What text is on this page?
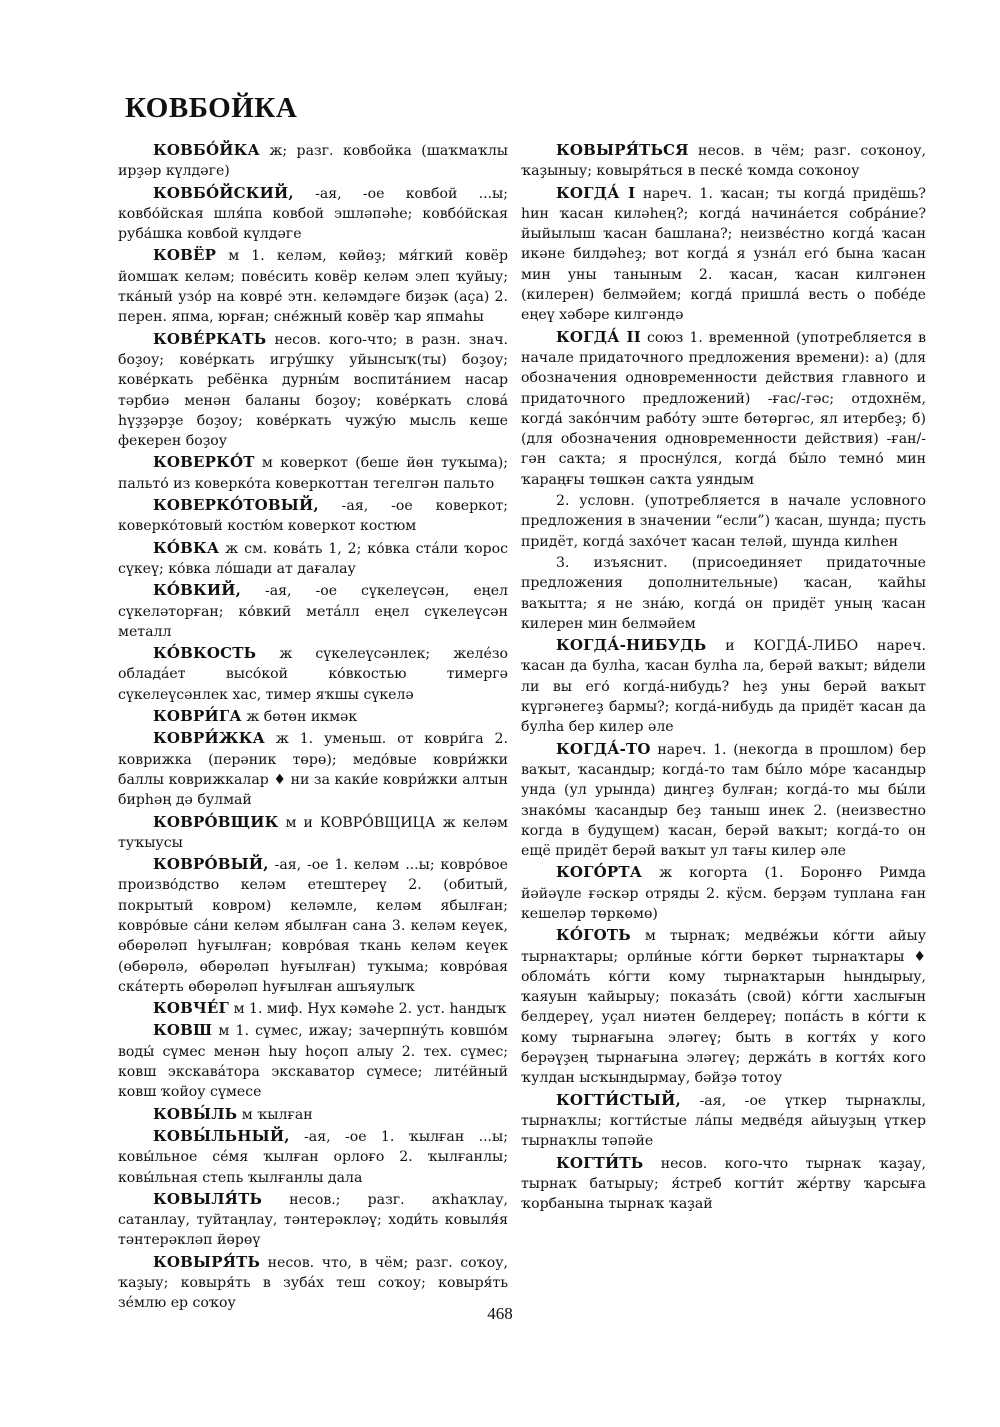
КОВБОЙКА

КОВБО́ЙКА ж; разг. ковбойка (шаҡмаҡлы ирҙәр күлдәге)

КОВБО́ЙСКИЙ, -ая, -ое ковбой ...ы; ковбо́йская шля́па ковбой эшләпәһе; ковбо́йская руба́шка ковбой күлдәге

КОВЁР м 1. келәм, көйөҙ; мя́гкий ковёр йомшаҡ келәм; пове́сить ковёр келәм элеп ҡуйыу; тка́ный узо́р на ковре́ этн. келәмдәге биҙәк (аҫа) 2. перен. япма, юрған; сне́жный ковёр ҡар япмаһы

КОВЕ́РКАТЬ несов. кого-что; в разн. знач. боҙоу; ковéркать игру́шку уйынсыҡ(ты) боҙоу; ковéркать ребёнка дурны́м воспитáнием насар тәрбиә менән баланы боҙоу; ковéркать словá һүҙҙәрҙе боҙоу; ковéркать чужу́ю мысль кеше фекерен боҙоу

КОВЕРКО́Т м коверкот (беше йөн туҡыма); пальто́ из коверко́та коверкоттан тегелгән пальто

КОВЕРКО́ТОВЫЙ, -ая, -ое коверкот; коверко́товый костю́м коверкот костюм

КО́ВКА ж см. ковáть 1, 2; ко́вка стáли ҡорос сүкеү; ко́вка лóшади ат дағалау

КО́ВКИЙ, -ая, -ое сүкелеүсән, еңел сүкеләторған; ко́вкий метáлл еңел сүкелеүсән металл

КО́ВКОСТЬ ж сүкелеүсәнлек; желéзо обладáет высо́кой ко́вкостью тимергә сүкелеүсәнлек хас, тимер яҡшы сүкелә

КОВРИ́ГА ж бөтөн икмәк

КОВРИ́ЖКА ж 1. уменьш. от коври́га 2. коврижка (перәник төрө); медо́вые коври́жки баллы коврижкалар ♦ ни за каки́е коври́жки алтын бирһәң дә булмай

КОВРО́ВЩИК м и КОВРО́ВЩИЦА ж келәм туҡыусы

КОВРО́ВЫЙ, -ая, -ое 1. келәм ...ы; ковро́вое произво́дство келәм етештереү 2. (обитый, покрытый ковром) келәмле, келәм ябылған; ковро́вые сáни келәм ябылған сана 3. келәм кеүек, өбөрөләп һуғылған; ковро́вая ткань келәм кеүек (өбөрөлә, өбөрөләп һуғылған) туҡыма; ковро́вая скáтерть өбөрөләп һуғылған ашъяулыҡ

КОВЧЕ́Г м 1. миф. Нух кәмәһе 2. уст. һандыҡ

КОВШ м 1. сүмес, ижау; зачерпну́ть ковшо́м воды́ сүмес менән һыу һоҫоп алыу 2. тех. сүмес; ковш экскавáтора экскаватор сүмесе; литéйный ковш ҡойоу сүмесе

КОВЫ́ЛЬ м ҡылған

КОВЫ́ЛЬНЫЙ, -ая, -ое 1. ҡылған ...ы; ковы́льное сéмя ҡылған орлоғо 2. ҡылғанлы; ковы́льная степь ҡылғанлы дала

КОВЫЛЯ́ТЬ несов.; разг. аҡһаҡлау, сатанлау, туйтаңлау, тәнтерәкләү; ходи́ть ковыля́я тәнтерәкләп йөрөү

КОВЫРЯ́ТЬ несов. что, в чём; разг. соҡоу, ҡаҙыу; ковыря́ть в зубáх теш соҡоу; ковыря́ть зéмлю ер соҡоу

КОВЫРЯ́ТЬСЯ несов. в чём; разг. соҡоноу, ҡаҙыныу; ковыря́ться в пескé ҡомда соҡоноу

КОГДА́ I нареч. 1. ҡасан; ты когдá придёшь? һин ҡасан киләһең?; когдá начинáется собрáние? йыйылыш ҡасан башлана?; неизвéстно когдá ҡасан икәне билдәһеҙ; вот когдá я узнáл его́ бына ҡасан мин уны таныным 2. ҡасан, ҡасан килгәнен (килерен) белмәйем; когдá пришлá весть о побéде еңеү хәбәре килгәндә

КОГДА́ II союз 1. временной (употребляется в начале придаточного предложения времени): а) (для обозначения одновременности действия главного и придаточного предложений) -ғас/-гәс; отдохнём, когдá закóнчим рабóту эште бөтөргәс, ял итербеҙ; б) (для обозначения одновременности действия) -ған/-гән саҡта; я просну́лся, когдá бы́ло темно́ мин ҡараңғы төшкән саҡта уяндым

2. условн. (употребляется в начале условного предложения в значении “если”) ҡасан, шунда; пусть придёт, когдá захо́чет ҡасан теләй, шунда килһен

3. изъяснит. (присоединяет придаточные предложения дополнительные) ҡасан, ҡайһы ваҡытта; я не знáю, когдá он придёт уның ҡасан килерен мин белмәйем

КОГДА́-НИБУДЬ и КОГДА́-ЛИБО нареч. ҡасан да булһа, ҡасан булһа ла, берәй ваҡыт; ви́дели ли вы его́ когдá-нибудь? һеҙ уны берәй ваҡыт күргәнегеҙ бармы?; когдá-нибудь да придёт ҡасан да булһа бер килер әле

КОГДА́-ТО нареч. 1. (некогда в прошлом) бер ваҡыт, ҡасандыр; когдá-то там бы́ло мо́ре ҡасандыр унда (ул урында) диңгеҙ булған; когдá-то мы бы́ли знако́мы ҡасандыр беҙ таныш инек 2. (неизвестно когда в будущем) ҡасан, берәй ваҡыт; когдá-то он ещё придёт берәй ваҡыт ул тағы килер әле

КОГО́РТА ж когорта (1. Боронғо Римда йәйәүле ғәскәр отряды 2. кӱсм. берҙәм туплана ған кешеләр төркөмө)

КО́ГОТЬ м тырнаҡ; медвéжьи ко́гти айыу тырнаҡтары; орли́ные ко́гти бөркөт тырнаҡтары ♦ обломáть ко́гти кому тырнаҡтарын һындырыу, ҡаяуын ҡайырыу; показáть (свой) ко́гти хаслығын белдереү, уҫал ниәтен белдереү; попáсть в ко́гти к кому тырнағына эләгеү; быть в когтя́х у кого берәүҙең тырнағына эләгеү; держáть в когтя́х кого ҡулдан ысҡындырмау, бәйҙә тотоу

КОГТИ́СТЫЙ, -ая, -ое үткер тырнаҡлы, тырнаҡлы; когти́стые лáпы медвéдя айыуҙың үткер тырнаҡлы тәпәйе

КОГТИ́ТЬ несов. кого-что тырнаҡ ҡаҙау, тырнаҡ батырыу; я́стреб когти́т жéртву ҡарсыға ҡорбанына тырнаҡ ҡаҙай

468
